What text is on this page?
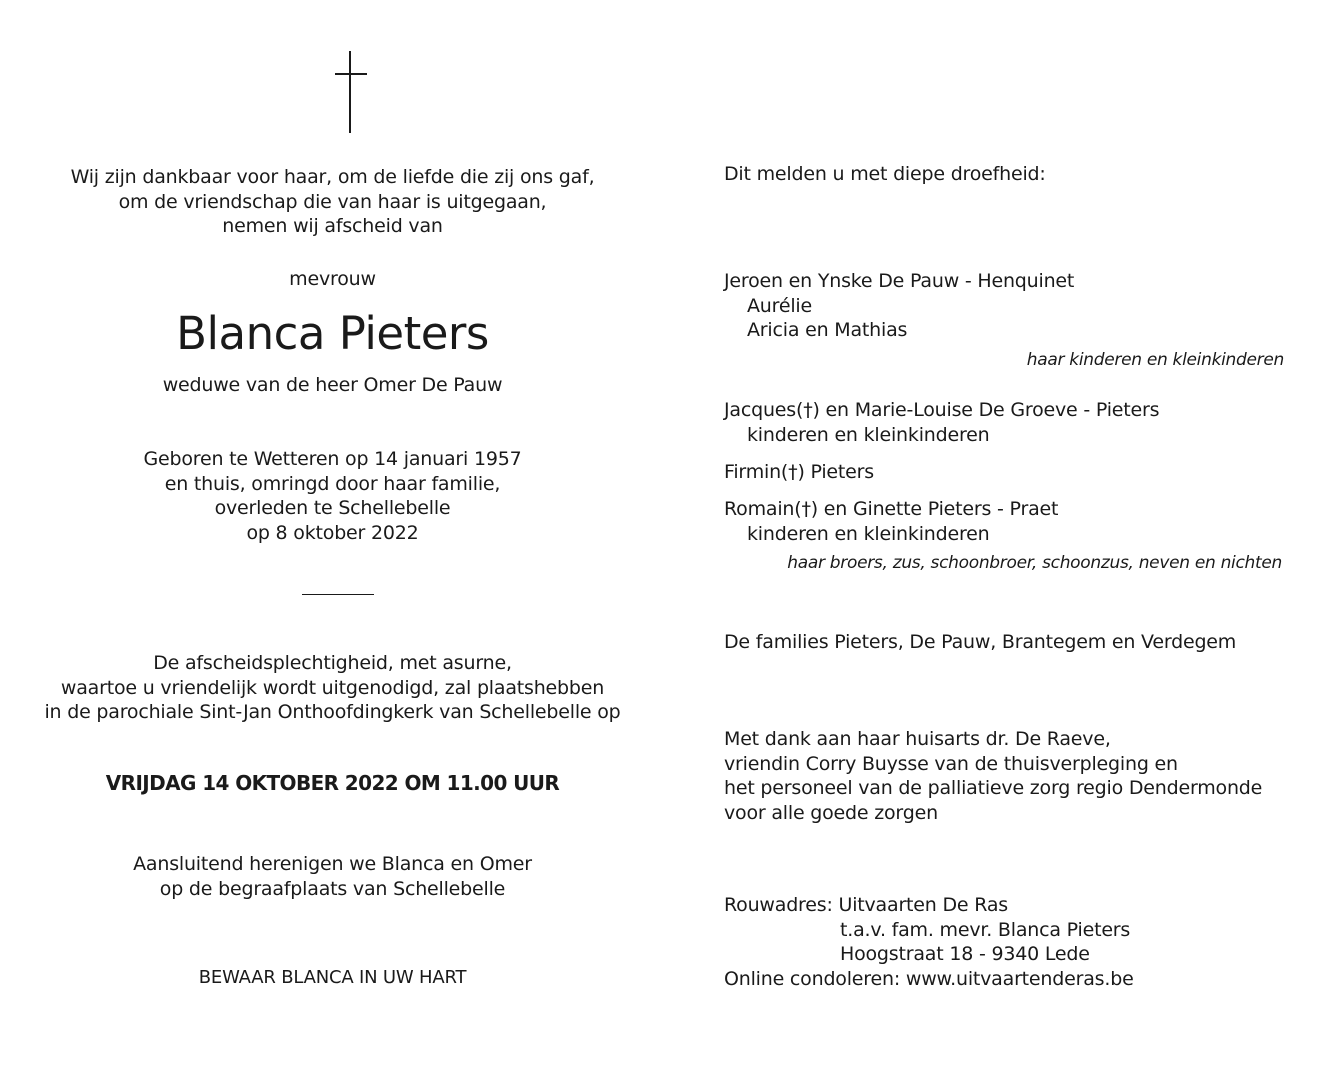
Wij zijn dankbaar voor haar, om de liefde die zij ons gaf,
om de vriendschap die van haar is uitgegaan,
nemen wij afscheid van
mevrouw
Blanca Pieters
weduwe van de heer Omer De Pauw
Geboren te Wetteren op 14 januari 1957
en thuis, omringd door haar familie,
overleden te Schellebelle
op 8 oktober 2022
De afscheidsplechtigheid, met asurne,
waartoe u vriendelijk wordt uitgenodigd, zal plaatshebben
in de parochiale Sint-Jan Onthoofdingkerk van Schellebelle op
VRIJDAG 14 OKTOBER 2022 OM 11.00 UUR
Aansluitend herenigen we Blanca en Omer
op de begraafplaats van Schellebelle
BEWAAR BLANCA IN UW HART
Dit melden u met diepe droefheid:
Jeroen en Ynske De Pauw - Henquinet
Aurélie
Aricia en Mathias
haar kinderen en kleinkinderen
Jacques(†) en Marie-Louise De Groeve - Pieters
kinderen en kleinkinderen
Firmin(†) Pieters
Romain(†) en Ginette Pieters - Praet
kinderen en kleinkinderen
haar broers, zus, schoonbroer, schoonzus, neven en nichten
De families Pieters, De Pauw, Brantegem en Verdegem
Met dank aan haar huisarts dr. De Raeve,
vriendin Corry Buysse van de thuisverpleging en
het personeel van de palliatieve zorg regio Dendermonde
voor alle goede zorgen
Rouwadres: Uitvaarten De Ras
t.a.v. fam. mevr. Blanca Pieters
Hoogstraat 18 - 9340 Lede
Online condoleren: www.uitvaartenderas.be
